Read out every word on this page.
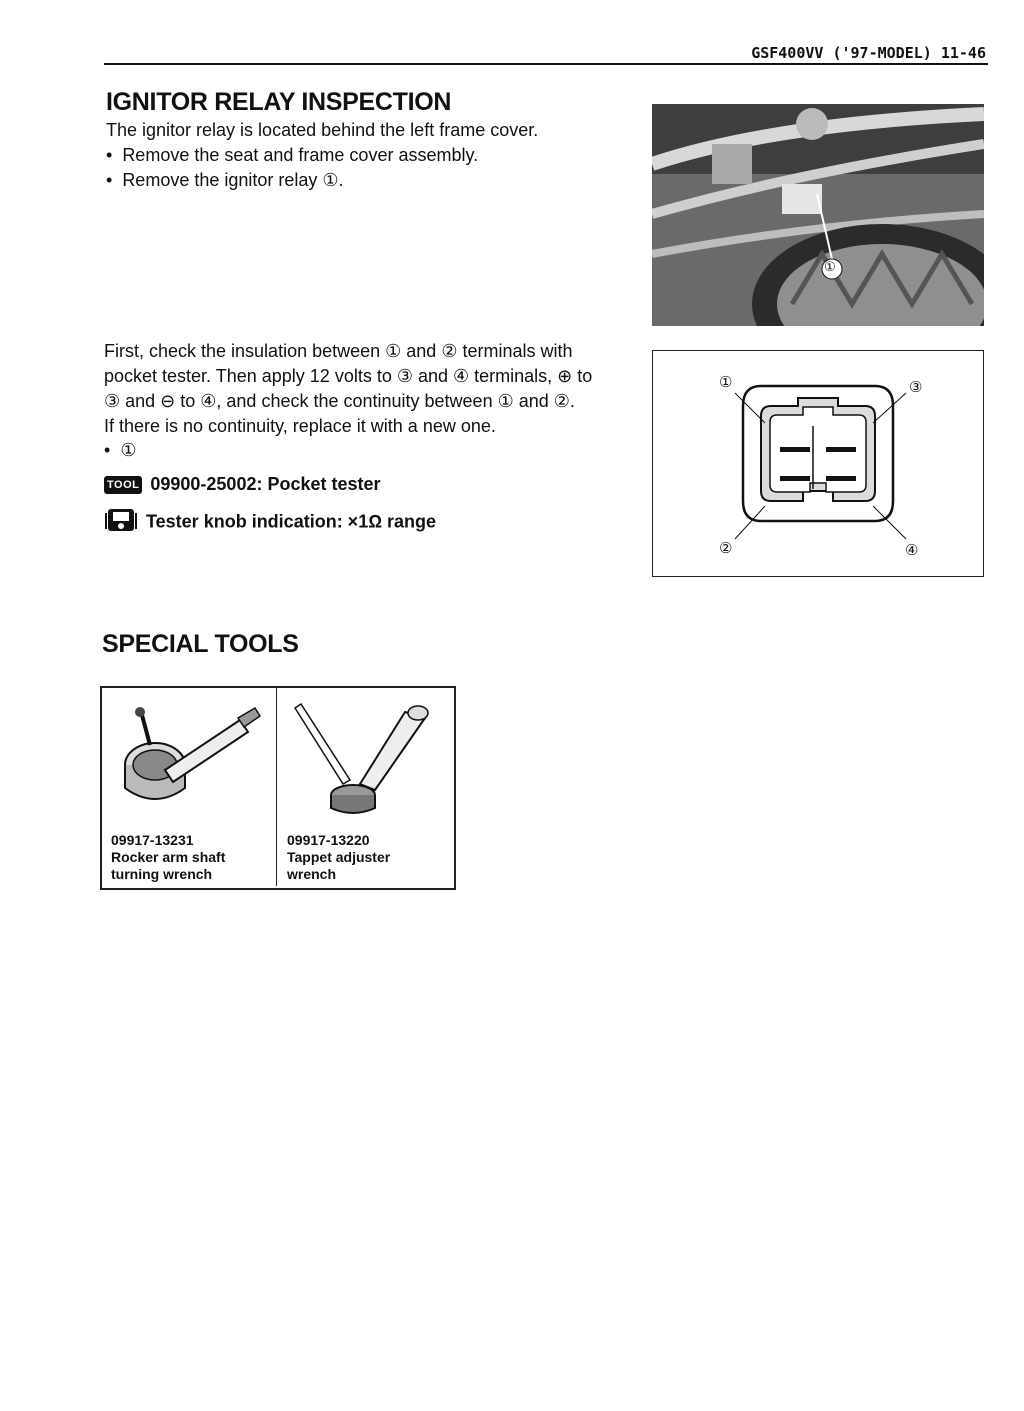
GSF400VV ('97-MODEL) 11-46
IGNITOR RELAY INSPECTION
The ignitor relay is located behind the left frame cover.
• Remove the seat and frame cover assembly.
• Remove the ignitor relay ①.
①
First, check the insulation between ① and ② terminals with
pocket tester. Then apply 12 volts to ③ and ④ terminals, ⊕ to
③ and ⊖ to ④, and check the continuity between ① and ②.
If there is no continuity, replace it with a new one.
• ①
TOOL 09900-25002: Pocket tester
Tester knob indication: ×1Ω range
①	③
②	④
SPECIAL TOOLS
09917-13231
Rocker arm shaft
turning wrench
09917-13220
Tappet adjuster
wrench
